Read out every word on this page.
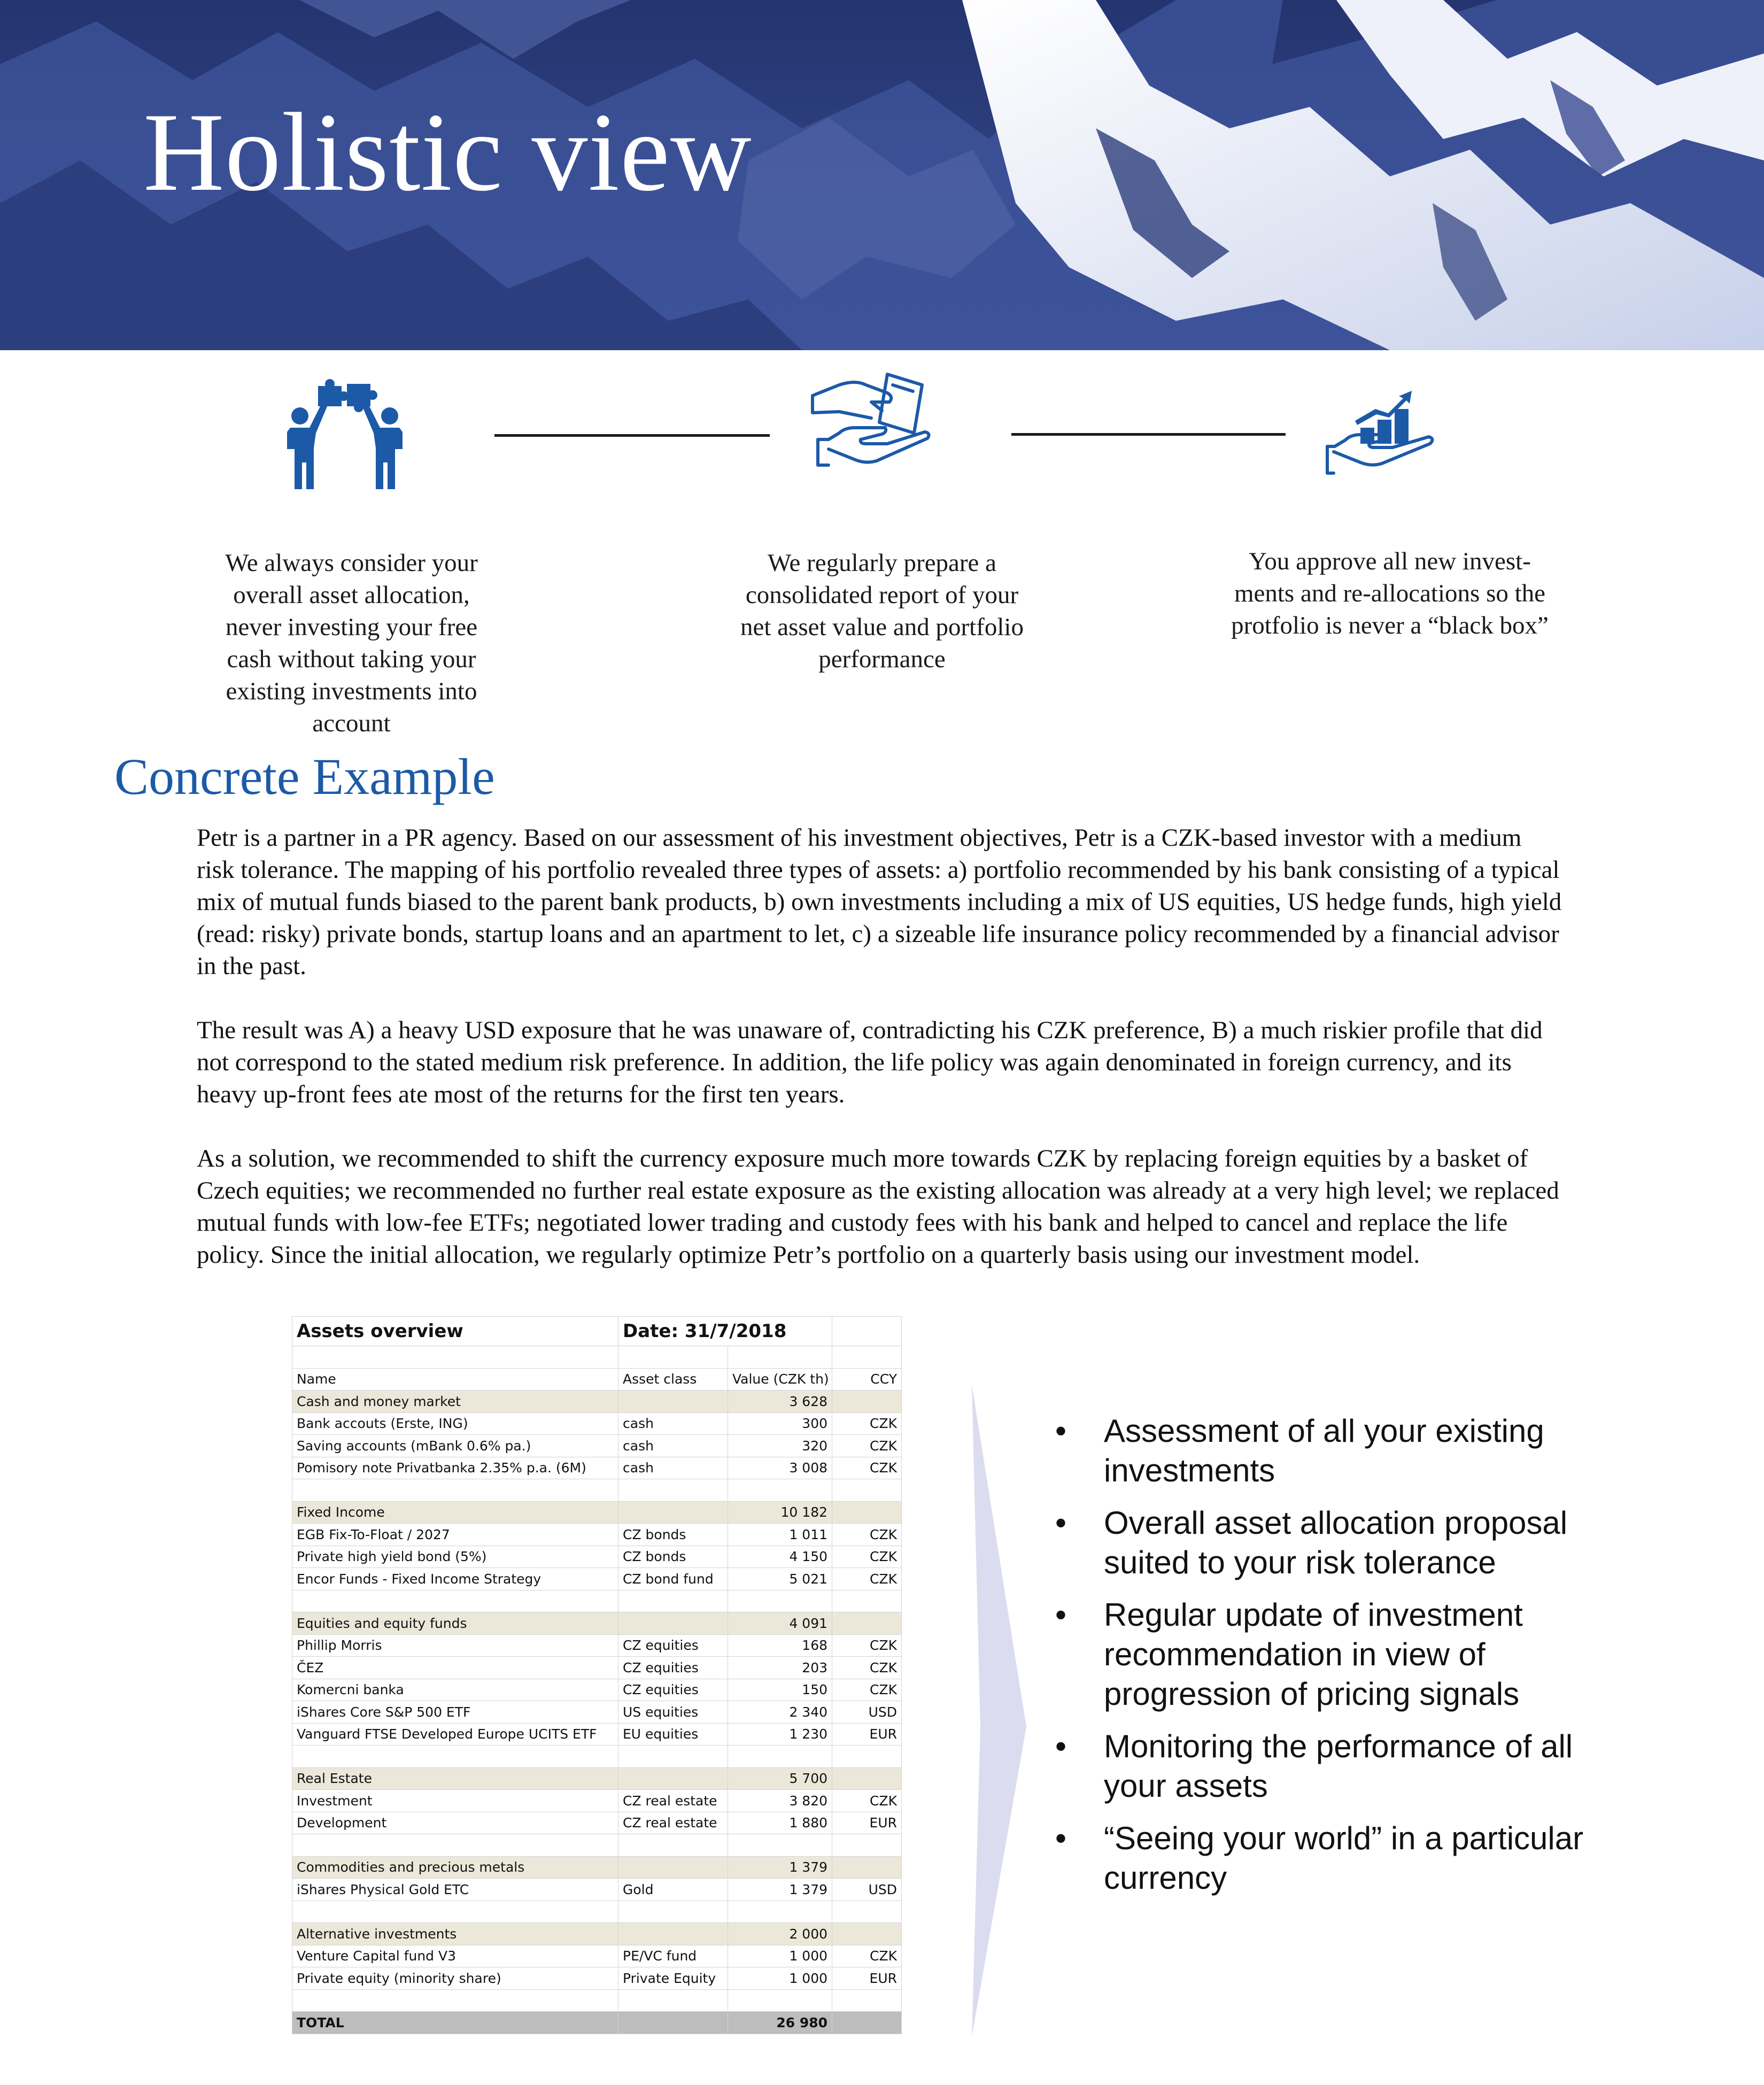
Holistic view
We always consider your overall asset allocation, never investing your free cash without taking your existing investments into account
We regularly prepare a consolidated report of your net asset value and portfolio performance
You approve all new investments and re-allocations so the protfolio is never a “black box”
Concrete Example
Petr is a partner in a PR agency. Based on our assessment of his investment objectives, Petr is a CZK-based investor with a medium risk tolerance. The mapping of his portfolio revealed three types of assets: a) portfolio recommended by his bank consisting of a typical mix of mutual funds biased to the parent bank products, b) own investments including a mix of US equities, US hedge funds, high yield (read: risky) private bonds, startup loans and an apartment to let, c) a sizeable life insurance policy recommended by a financial advisor in the past.
The result was A) a heavy USD exposure that he was unaware of, contradicting his CZK preference, B) a much riskier profile that did not correspond to the stated medium risk preference. In addition, the life policy was again denominated in foreign currency, and its heavy up-front fees ate most of the returns for the first ten years.
As a solution, we recommended to shift the currency exposure much more towards CZK by replacing foreign equities by a basket of Czech equities; we recommended no further real estate exposure as the existing allocation was already at a very high level; we replaced mutual funds with low-fee ETFs; negotiated lower trading and custody fees with his bank and helped to cancel and replace the life policy. Since the initial allocation, we regularly optimize Petr’s portfolio on a quarterly basis using our investment model.
Assets overview	Date: 31/7/2018		

Name	Asset class	Value (CZK th)	CCY
Cash and money market		3 628	
Bank accouts (Erste, ING)	cash	300	CZK
Saving accounts (mBank 0.6% pa.)	cash	320	CZK
Pomisory note Privatbanka 2.35% p.a. (6M)	cash	3 008	CZK

Fixed Income		10 182	
EGB Fix-To-Float / 2027	CZ bonds	1 011	CZK
Private high yield bond (5%)	CZ bonds	4 150	CZK
Encor Funds - Fixed Income Strategy	CZ bond fund	5 021	CZK

Equities and equity funds		4 091	
Phillip Morris	CZ equities	168	CZK
ČEZ	CZ equities	203	CZK
Komercni banka	CZ equities	150	CZK
iShares Core S&P 500 ETF	US equities	2 340	USD
Vanguard FTSE Developed Europe UCITS ETF	EU equities	1 230	EUR

Real Estate		5 700	
Investment	CZ real estate	3 820	CZK
Development	CZ real estate	1 880	EUR

Commodities and precious metals		1 379	
iShares Physical Gold ETC	Gold	1 379	USD

Alternative investments		2 000	
Venture Capital fund V3	PE/VC fund	1 000	CZK
Private equity (minority share)	Private Equity	1 000	EUR

TOTAL		26 980	
• Assessment of all your existing investments
• Overall asset allocation proposal suited to your risk tolerance
• Regular update of investment recommendation in view of progression of pricing signals
• Monitoring the performance of all your assets
• “Seeing your world” in a particular currency
